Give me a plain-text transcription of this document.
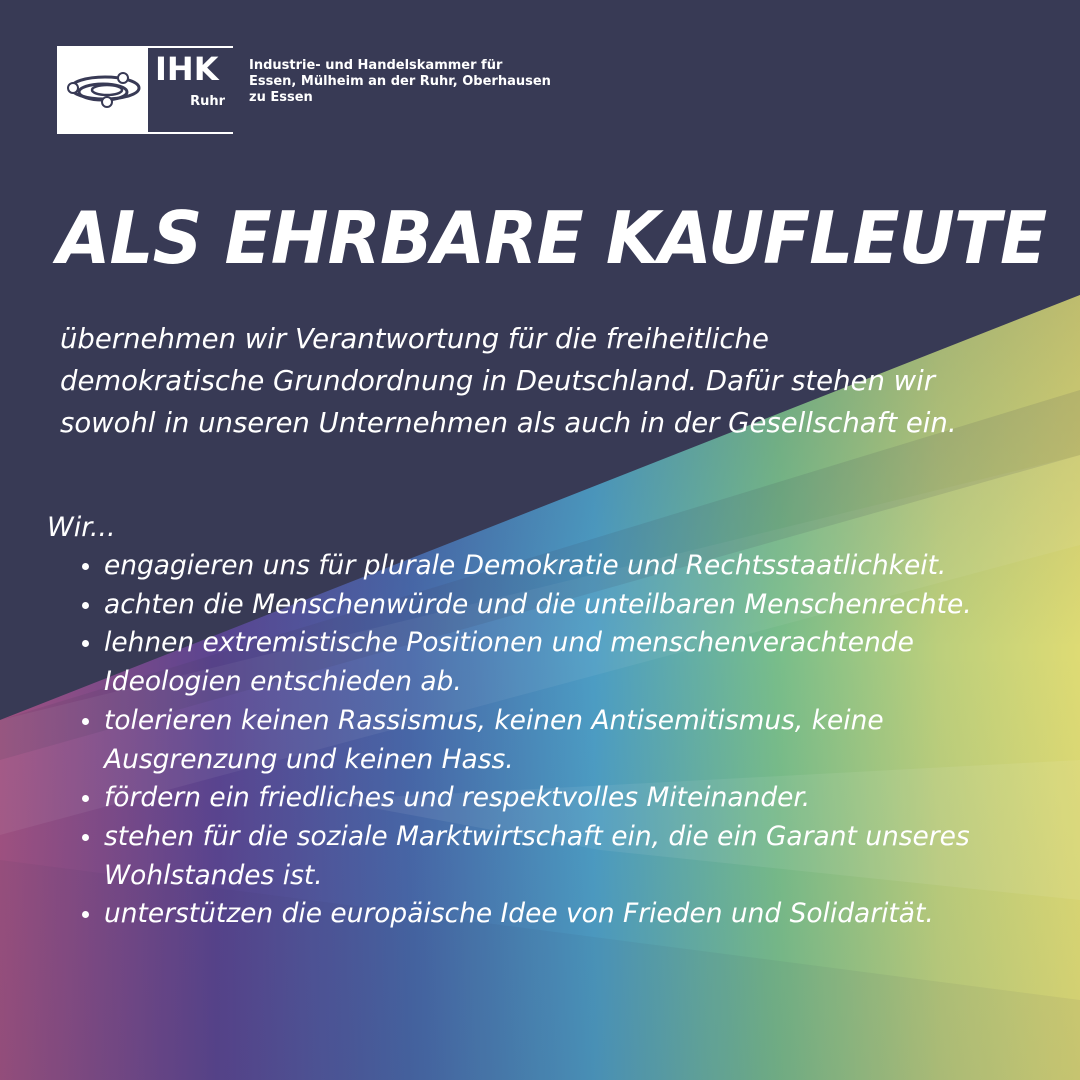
IHK
Ruhr

Industrie- und Handelskammer für
Essen, Mülheim an der Ruhr, Oberhausen
zu Essen

ALS EHRBARE KAUFLEUTE

übernehmen wir Verantwortung für die freiheitliche
demokratische Grundordnung in Deutschland. Dafür stehen wir
sowohl in unseren Unternehmen als auch in der Gesellschaft ein.

Wir...

engagieren uns für plurale Demokratie und Rechtsstaatlichkeit.
achten die Menschenwürde und die unteilbaren Menschenrechte.
lehnen extremistische Positionen und menschenverachtende
Ideologien entschieden ab.
tolerieren keinen Rassismus, keinen Antisemitismus, keine
Ausgrenzung und keinen Hass.
fördern ein friedliches und respektvolles Miteinander.
stehen für die soziale Marktwirtschaft ein, die ein Garant unseres
Wohlstandes ist.
unterstützen die europäische Idee von Frieden und Solidarität.
